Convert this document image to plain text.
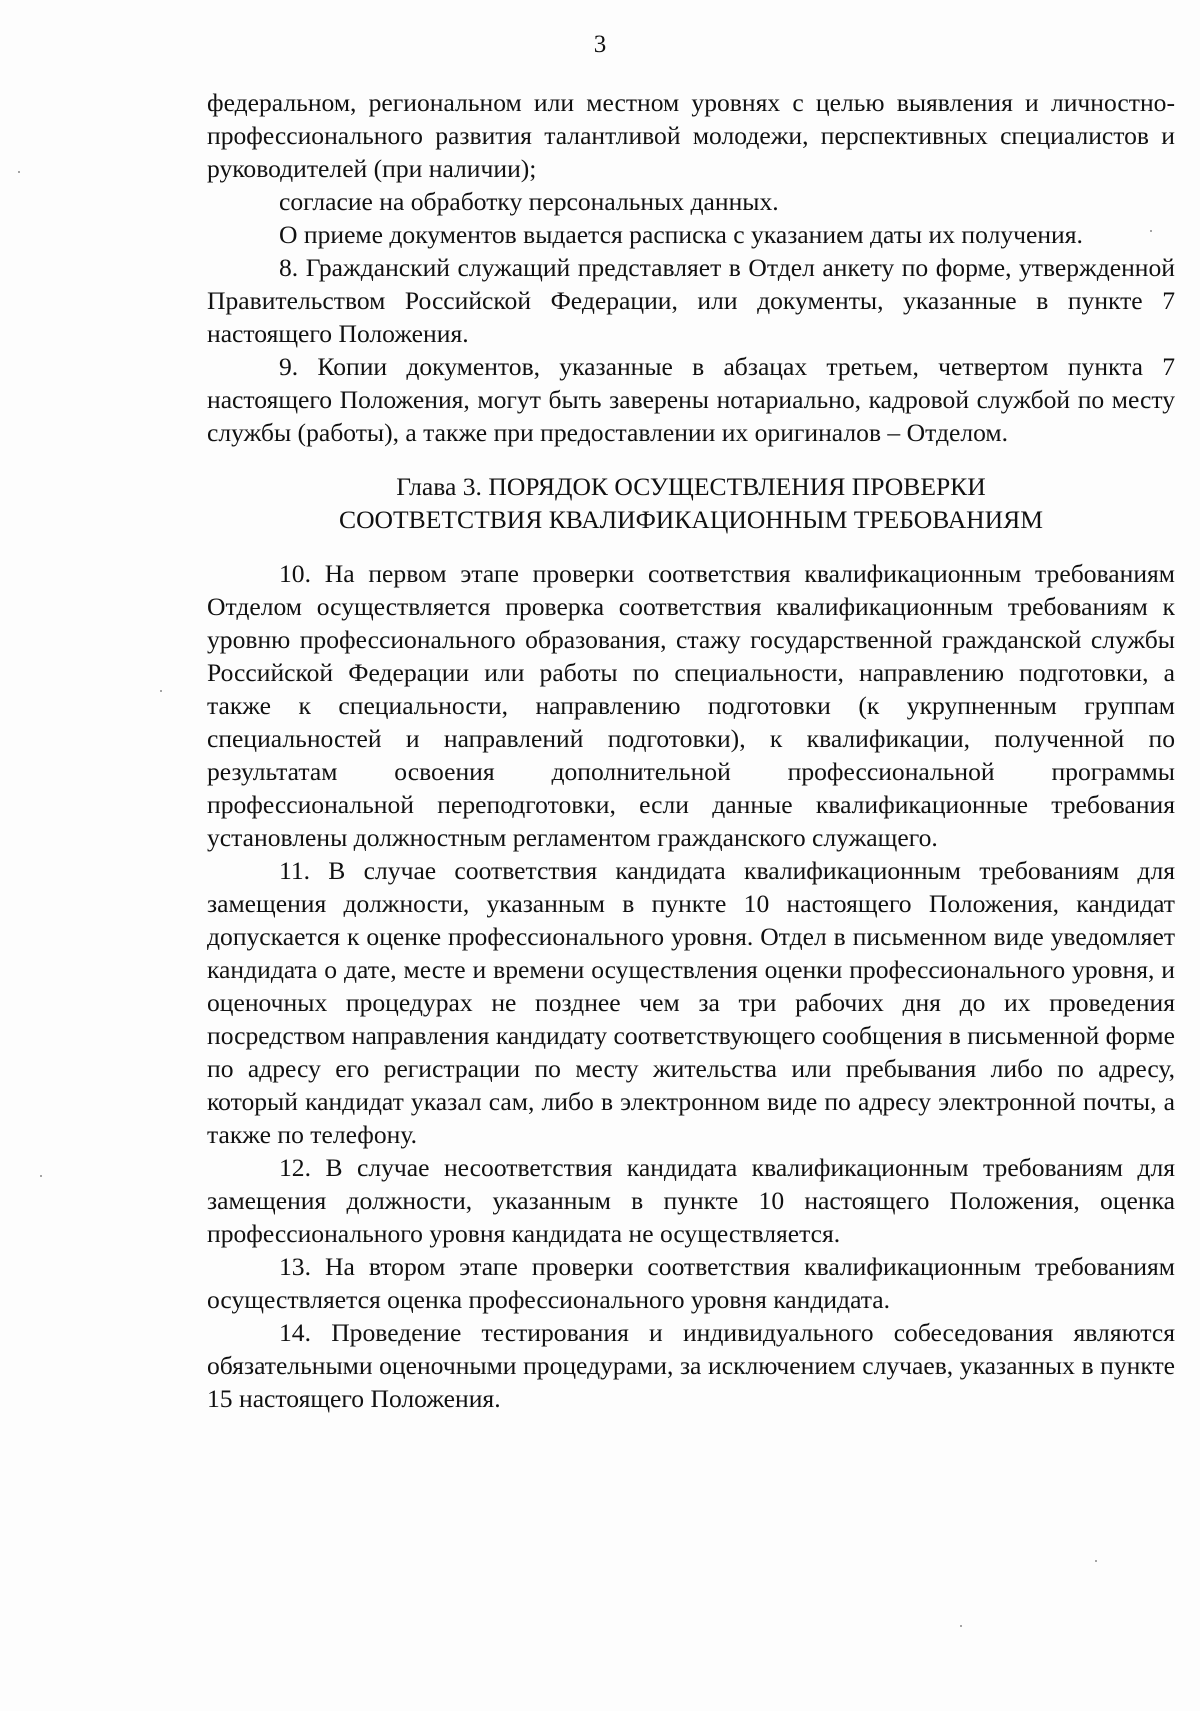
3

федеральном, региональном или местном уровнях с целью выявления и личностно-профессионального развития талантливой молодежи, перспективных специалистов и руководителей (при наличии);

согласие на обработку персональных данных.

О приеме документов выдается расписка с указанием даты их получения.

8. Гражданский служащий представляет в Отдел анкету по форме, утвержденной Правительством Российской Федерации, или документы, указанные в пункте 7 настоящего Положения.

9. Копии документов, указанные в абзацах третьем, четвертом пункта 7 настоящего Положения, могут быть заверены нотариально, кадровой службой по месту службы (работы), а также при предоставлении их оригиналов – Отделом.

Глава 3. ПОРЯДОК ОСУЩЕСТВЛЕНИЯ ПРОВЕРКИ
СООТВЕТСТВИЯ КВАЛИФИКАЦИОННЫМ ТРЕБОВАНИЯМ

10. На первом этапе проверки соответствия квалификационным требованиям Отделом осуществляется проверка соответствия квалификационным требованиям к уровню профессионального образования, стажу государственной гражданской службы Российской Федерации или работы по специальности, направлению подготовки, а также к специальности, направлению подготовки (к укрупненным группам специальностей и направлений подготовки), к квалификации, полученной по результатам освоения дополнительной профессиональной программы профессиональной переподготовки, если данные квалификационные требования установлены должностным регламентом гражданского служащего.

11. В случае соответствия кандидата квалификационным требованиям для замещения должности, указанным в пункте 10 настоящего Положения, кандидат допускается к оценке профессионального уровня. Отдел в письменном виде уведомляет кандидата о дате, месте и времени осуществления оценки профессионального уровня, и оценочных процедурах не позднее чем за три рабочих дня до их проведения посредством направления кандидату соответствующего сообщения в письменной форме по адресу его регистрации по месту жительства или пребывания либо по адресу, который кандидат указал сам, либо в электронном виде по адресу электронной почты, а также по телефону.

12. В случае несоответствия кандидата квалификационным требованиям для замещения должности, указанным в пункте 10 настоящего Положения, оценка профессионального уровня кандидата не осуществляется.

13. На втором этапе проверки соответствия квалификационным требованиям осуществляется оценка профессионального уровня кандидата.

14. Проведение тестирования и индивидуального собеседования являются обязательными оценочными процедурами, за исключением случаев, указанных в пункте 15 настоящего Положения.
